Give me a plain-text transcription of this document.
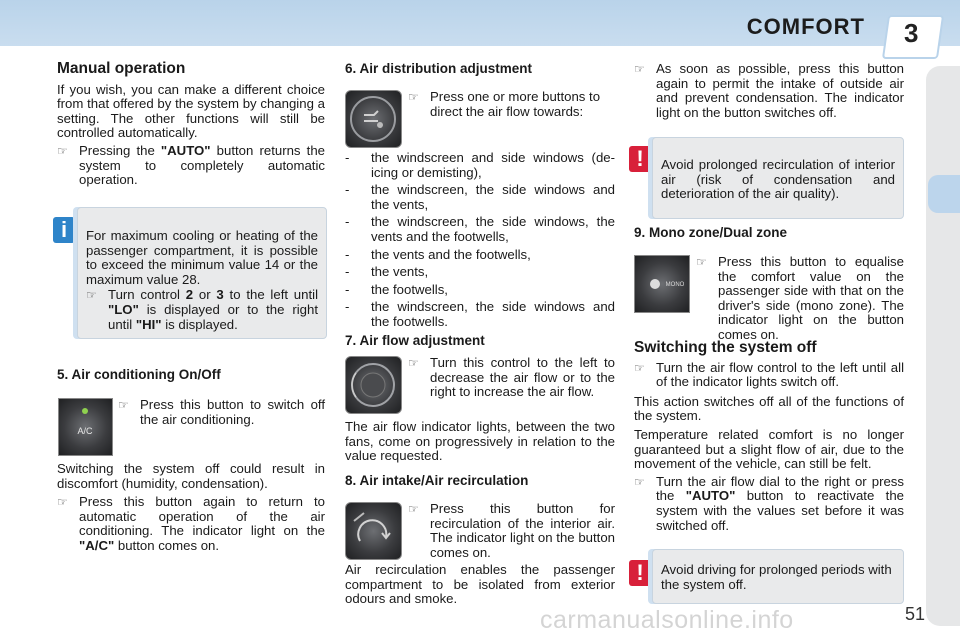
COMFORT 3

Manual operation

If you wish, you can make a different choice from that offered by the system by changing a setting. The other functions will still be controlled automatically.

☞ Pressing the "AUTO" button returns the system to completely automatic operation.
i	For maximum cooling or heating of the passenger compartment, it is possible to exceed the minimum value 14 or the maximum value 28.

☞ Turn control 2 or 3 to the left until "LO" is displayed or to the right until "HI" is displayed.

5. Air conditioning On/Off

A/C
☞ Press this button to switch off the air conditioning.

Switching the system off could result in discomfort (humidity, condensation).

☞ Press this button again to return to automatic operation of the air conditioning. The indicator light on the "A/C" button comes on.

6. Air distribution adjustment

☞ Press one or more buttons to direct the air flow towards:
-	the windscreen and side windows (de-icing or demisting),
-	the windscreen, the side windows and the vents,
-	the windscreen, the side windows, the vents and the footwells,
-	the vents and the footwells,
-	the vents,
-	the footwells,
-	the windscreen, the side windows and the footwells.

7. Air flow adjustment

☞ Turn this control to the left to decrease the air flow or to the right to increase the air flow.

The air flow indicator lights, between the two fans, come on progressively in relation to the value requested.

8. Air intake/Air recirculation

☞ Press this button for recirculation of the interior air. The indicator light on the button comes on.

Air recirculation enables the passenger compartment to be isolated from exterior odours and smoke.

☞ As soon as possible, press this button again to permit the intake of outside air and prevent condensation. The indicator light on the button switches off.
!	Avoid prolonged recirculation of interior air (risk of condensation and deterioration of the air quality).

9. Mono zone/Dual zone

MONO
☞ Press this button to equalise the comfort value on the passenger side with that on the driver's side (mono zone). The indicator light on the button comes on.

Switching the system off

☞ Turn the air flow control to the left until all of the indicator lights switch off.

This action switches off all of the functions of the system.

Temperature related comfort is no longer guaranteed but a slight flow of air, due to the movement of the vehicle, can still be felt.

☞ Turn the air flow dial to the right or press the "AUTO" button to reactivate the system with the values set before it was switched off.
!	Avoid driving for prolonged periods with the system off.

carmanualsonline.info	51
